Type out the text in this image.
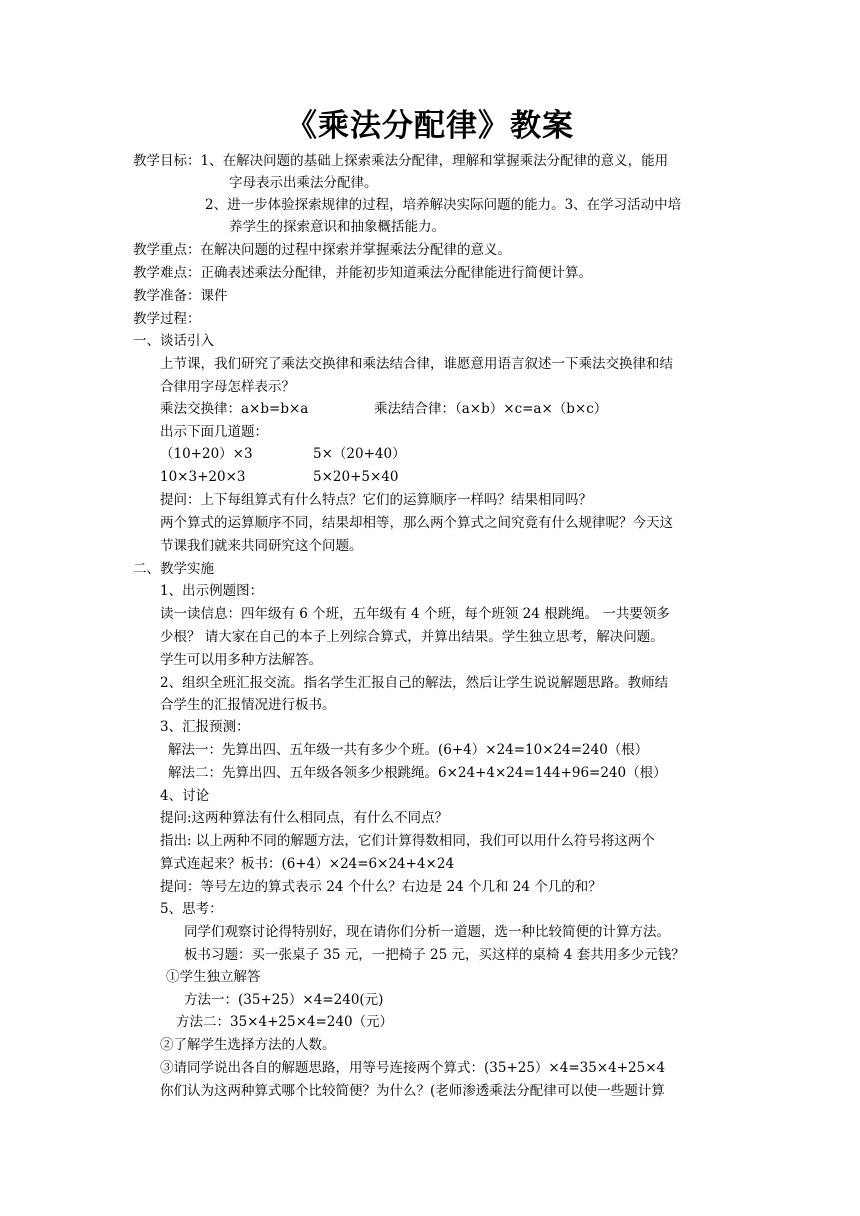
《乘法分配律》教案
教学目标：1、在解决问题的基础上探索乘法分配律，理解和掌握乘法分配律的意义，能用
字母表示出乘法分配律。
2、进一步体验探索规律的过程，培养解决实际问题的能力。3、在学习活动中培
养学生的探索意识和抽象概括能力。
教学重点：在解决问题的过程中探索并掌握乘法分配律的意义。
教学难点：正确表述乘法分配律，并能初步知道乘法分配律能进行简便计算。
教学准备：课件
教学过程：
一、谈话引入
上节课，我们研究了乘法交换律和乘法结合律，谁愿意用语言叙述一下乘法交换律和结
合律用字母怎样表示？
乘法交换律：a×b=b×a	乘法结合律：（a×b）×c=a×（b×c）
出示下面几道题：
（10+20）×3	5×（20+40）
10×3+20×3	5×20+5×40
提问：上下每组算式有什么特点？它们的运算顺序一样吗？结果相同吗？
两个算式的运算顺序不同，结果却相等，那么两个算式之间究竟有什么规律呢？今天这
节课我们就来共同研究这个问题。
二、教学实施
1、出示例题图：
读一读信息：四年级有 6 个班，五年级有 4 个班，每个班领 24 根跳绳。 一共要领多
少根？ 请大家在自己的本子上列综合算式，并算出结果。学生独立思考，解决问题。
学生可以用多种方法解答。
2、组织全班汇报交流。指名学生汇报自己的解法，然后让学生说说解题思路。教师结
合学生的汇报情况进行板书。
3、汇报预测：
解法一：先算出四、五年级一共有多少个班。(6+4）×24=10×24=240（根）
解法二：先算出四、五年级各领多少根跳绳。6×24+4×24=144+96=240（根）
4、讨论
提问:这两种算法有什么相同点，有什么不同点？
指出: 以上两种不同的解题方法，它们计算得数相同，我们可以用什么符号将这两个
算式连起来？板书：(6+4）×24=6×24+4×24
提问：等号左边的算式表示 24 个什么？右边是 24 个几和 24 个几的和？
5、思考：
同学们观察讨论得特别好，现在请你们分析一道题，选一种比较简便的计算方法。
板书习题：买一张桌子 35 元，一把椅子 25 元，买这样的桌椅 4 套共用多少元钱？
①学生独立解答
方法一：(35+25）×4=240(元)
方法二：35×4+25×4=240（元）
②了解学生选择方法的人数。
③请同学说出各自的解题思路，用等号连接两个算式：(35+25）×4=35×4+25×4
你们认为这两种算式哪个比较简便？为什么？(老师渗透乘法分配律可以使一些题计算
